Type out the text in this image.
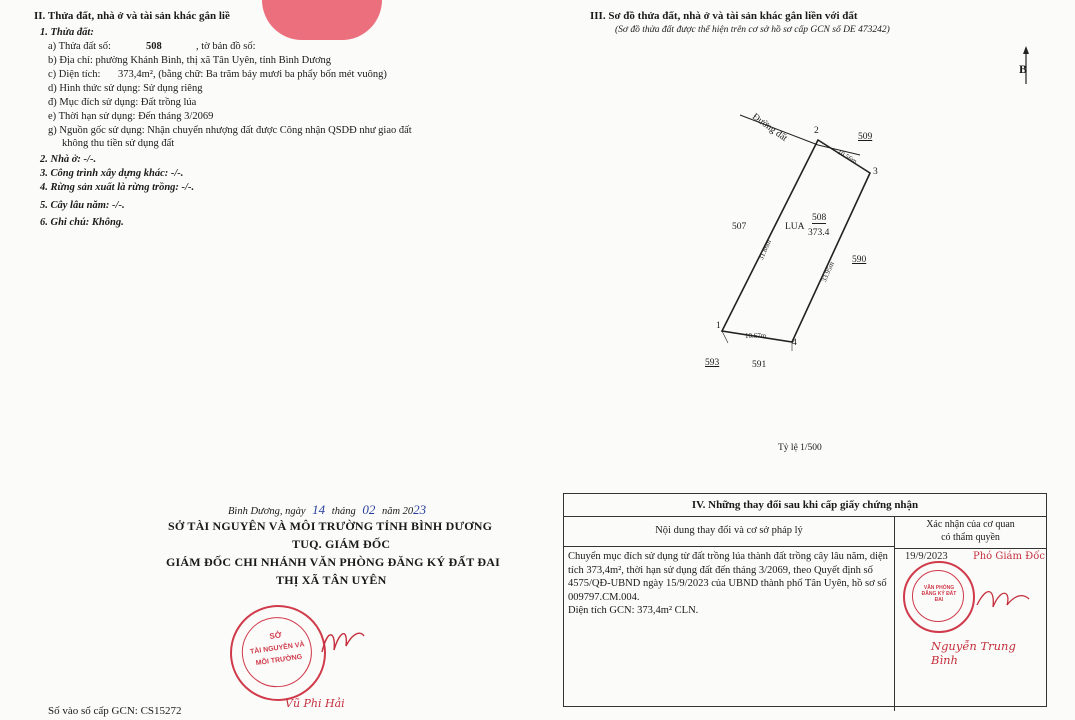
II. Thửa đất, nhà ở và tài sản khác gắn liề
1. Thửa đất:
a) Thửa đất số:	508	, tờ bản đồ số:
b) Địa chỉ: phường Khánh Bình, thị xã Tân Uyên, tỉnh Bình Dương
c) Diện tích: 373,4m², (bằng chữ: Ba trăm bảy mươi ba phẩy bốn mét vuông)
d) Hình thức sử dụng: Sử dụng riêng
đ) Mục đích sử dụng: Đất trồng lúa
e) Thời hạn sử dụng: Đến tháng 3/2069
g) Nguồn gốc sử dụng: Nhận chuyển nhượng đất được Công nhận QSDĐ như giao đất
không thu tiền sử dụng đất
2. Nhà ở: -/-.
3. Công trình xây dựng khác: -/-.
4. Rừng sản xuất là rừng trồng: -/-.
5. Cây lâu năm: -/-.
6. Ghi chú: Không.
III. Sơ đồ thửa đất, nhà ở và tài sản khác gắn liền với đất
(Sơ đồ thửa đất được thể hiện trên cơ sở hồ sơ cấp GCN số DE 473242)
B
Đường đất	509
507
590
593	591
LUA
508
373.4
2
3
1
4
10.56m
31.86m
33.95m
10.67m
Tỷ lệ 1/500
Bình Dương, ngày 14 tháng 02 năm 2023
SỞ TÀI NGUYÊN VÀ MÔI TRƯỜNG TỈNH BÌNH DƯƠNG
TUQ. GIÁM ĐỐC
GIÁM ĐỐC CHI NHÁNH VĂN PHÒNG ĐĂNG KÝ ĐẤT ĐAI
THỊ XÃ TÂN UYÊN
SỞ
TÀI NGUYÊN VÀ
MÔI TRƯỜNG
Vũ Phi Hải
Số vào sổ cấp GCN: CS15272
IV. Những thay đổi sau khi cấp giấy chứng nhận
Nội dung thay đổi và cơ sở pháp lý
Xác nhận của cơ quan
có thẩm quyền
Chuyển mục đích sử dụng từ đất trồng lúa thành đất trồng cây lâu năm, diện tích 373,4m², thời hạn sử dụng đất đến tháng 3/2069, theo Quyết định số 4575/QĐ-UBND ngày 15/9/2023 của UBND thành phố Tân Uyên, hồ sơ số 009797.CM.004.
Diện tích GCN: 373,4m² CLN.
19/9/2023	Phó Giám Đốc
VĂN PHÒNG ĐĂNG KÝ ĐẤT ĐAI
Nguyễn Trung Bình
